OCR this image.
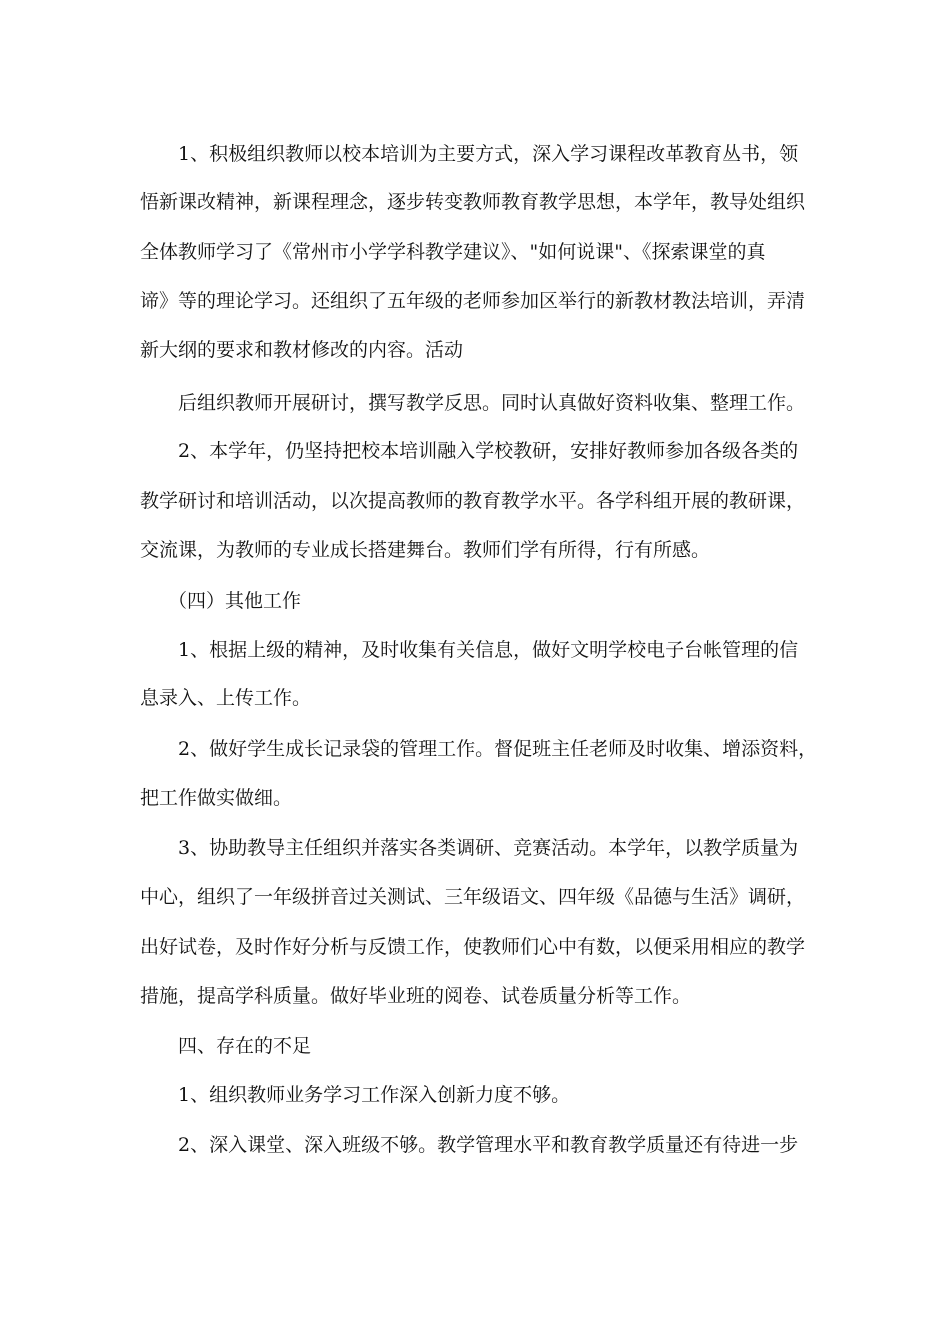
1、积极组织教师以校本培训为主要方式，深入学习课程改革教育丛书，领
悟新课改精神，新课程理念，逐步转变教师教育教学思想，本学年，教导处组织
全体教师学习了《常州市小学学科教学建议》、"如何说课"、《探索课堂的真
谛》等的理论学习。还组织了五年级的老师参加区举行的新教材教法培训，弄清
新大纲的要求和教材修改的内容。活动
后组织教师开展研讨，撰写教学反思。同时认真做好资料收集、整理工作。
2、本学年，仍坚持把校本培训融入学校教研，安排好教师参加各级各类的
教学研讨和培训活动，以次提高教师的教育教学水平。各学科组开展的教研课，
交流课，为教师的专业成长搭建舞台。教师们学有所得，行有所感。
（四）其他工作
1、根据上级的精神，及时收集有关信息，做好文明学校电子台帐管理的信
息录入、上传工作。
2、做好学生成长记录袋的管理工作。督促班主任老师及时收集、增添资料，
把工作做实做细。
3、协助教导主任组织并落实各类调研、竞赛活动。本学年，以教学质量为
中心，组织了一年级拼音过关测试、三年级语文、四年级《品德与生活》调研，
出好试卷，及时作好分析与反馈工作，使教师们心中有数，以便采用相应的教学
措施，提高学科质量。做好毕业班的阅卷、试卷质量分析等工作。
四、存在的不足
1、组织教师业务学习工作深入创新力度不够。
2、深入课堂、深入班级不够。教学管理水平和教育教学质量还有待进一步
